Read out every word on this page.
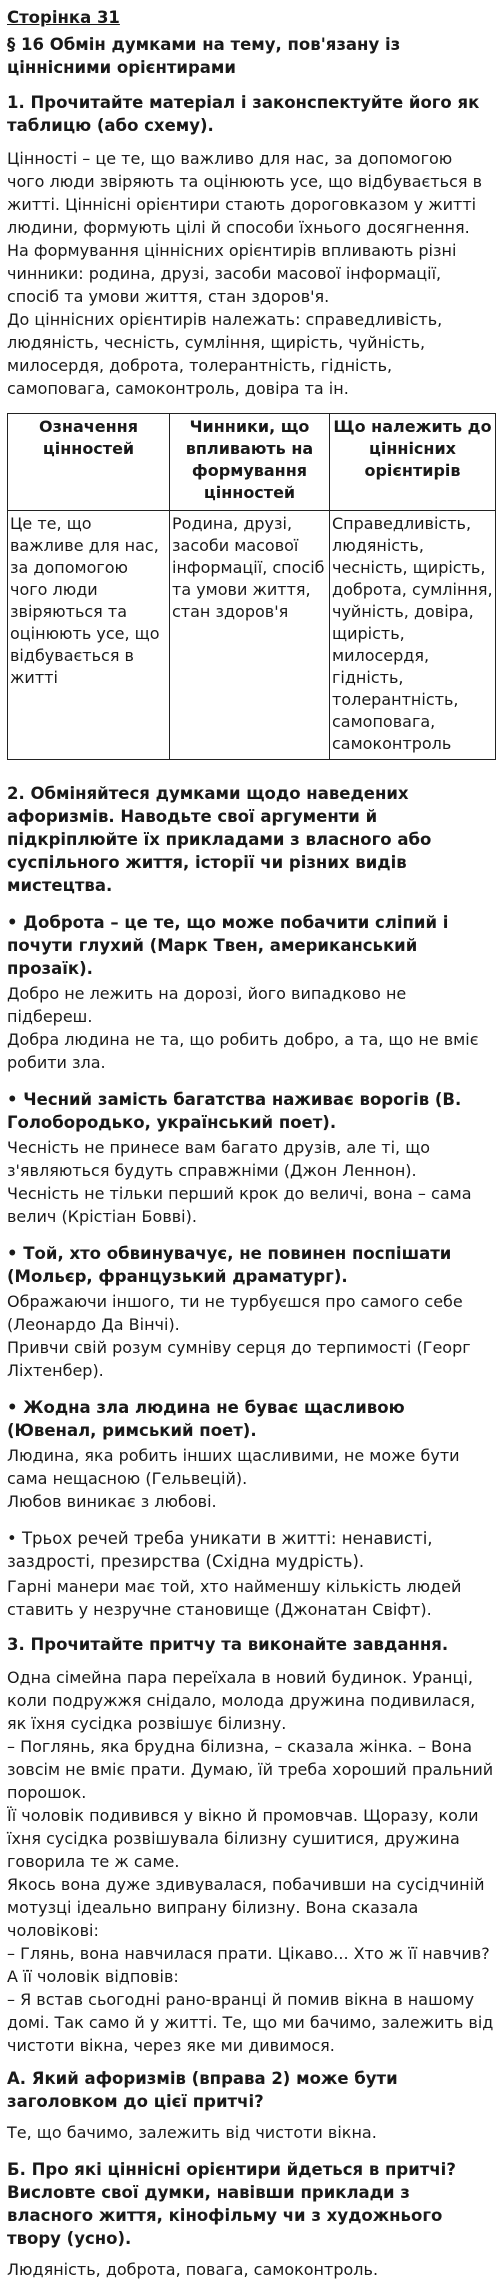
Сторінка 31
§ 16 Обмін думками на тему, пов'язану із ціннісними орієнтирами
1. Прочитайте матеріал і законспектуйте його як таблицю (або схему).
Цінності – це те, що важливо для нас, за допомогою чого люди звіряють та оцінюють усе, що відбувається в житті. Ціннісні орієнтири стають дороговказом у житті людини, формують цілі й способи їхнього досягнення. На формування ціннісних орієнтирів впливають різні чинники: родина, друзі, засоби масової інформації, спосіб та умови життя, стан здоров'я.
До ціннісних орієнтирів належать: справедливість, людяність, чесність, сумління, щирість, чуйність, милосердя, доброта, толерантність, гідність, самоповага, самоконтроль, довіра та ін.
Означення цінностей	Чинники, що впливають на формування цінностей	Що належить до ціннісних орієнтирів
Це те, що важливе для нас, за допомогою чого люди звіряються та оцінюють усе, що відбувається в житті	Родина, друзі, засоби масової інформації, спосіб та умови життя, стан здоров'я	Справедливість, людяність, чесність, щирість, доброта, сумління, чуйність, довіра, щирість, милосердя, гідність, толерантність, самоповага, самоконтроль
2. Обміняйтеся думками щодо наведених афоризмів. Наводьте свої аргументи й підкріплюйте їх прикладами з власного або суспільного життя, історії чи різних видів мистецтва.
• Доброта – це те, що може побачити сліпий і почути глухий (Марк Твен, американський прозаїк).
Добро не лежить на дорозі, його випадково не підбереш.
Добра людина не та, що робить добро, а та, що не вміє робити зла.
• Чесний замість багатства наживає ворогів (В. Голобородько, український поет).
Чесність не принесе вам багато друзів, але ті, що з'являються будуть справжніми (Джон Леннон).
Чесність не тільки перший крок до величі, вона – сама велич (Крістіан Бовві).
• Той, хто обвинувачує, не повинен поспішати (Мольєр, французький драматург).
Ображаючи іншого, ти не турбуєшся про самого себе (Леонардо Да Вінчі).
Привчи свій розум сумніву серця до терпимості (Георг Ліхтенбер).
• Жодна зла людина не буває щасливою (Ювенал, римський поет).
Людина, яка робить інших щасливими, не може бути сама нещасною (Гельвецій).
Любов виникає з любові.
• Трьох речей треба уникати в житті: ненависті, заздрості, презирства (Східна мудрість).
Гарні манери має той, хто найменшу кількість людей ставить у незручне становище (Джонатан Свіфт).
3. Прочитайте притчу та виконайте завдання.
Одна сімейна пара переїхала в новий будинок. Уранці, коли подружжя снідало, молода дружина подивилася, як їхня сусідка розвішує білизну.
– Поглянь, яка брудна білизна, – сказала жінка. – Вона зовсім не вміє прати. Думаю, їй треба хороший пральний порошок.
Її чоловік подивився у вікно й промовчав. Щоразу, коли їхня сусідка розвішувала білизну сушитися, дружина говорила те ж саме.
Якось вона дуже здивувалася, побачивши на сусідчиній мотузці ідеально випрану білизну. Вона сказала чоловікові:
– Глянь, вона навчилася прати. Цікаво... Хто ж її навчив? А її чоловік відповів:
– Я встав сьогодні рано-вранці й помив вікна в нашому домі. Так само й у житті. Те, що ми бачимо, залежить від чистоти вікна, через яке ми дивимося.
А. Який афоризмів (вправа 2) може бути заголовком до цієї притчі?
Те, що бачимо, залежить від чистоти вікна.
Б. Про які ціннісні орієнтири йдеться в притчі? Висловте свої думки, навівши приклади з власного життя, кінофільму чи з художнього твору (усно).
Людяність, доброта, повага, самоконтроль.
